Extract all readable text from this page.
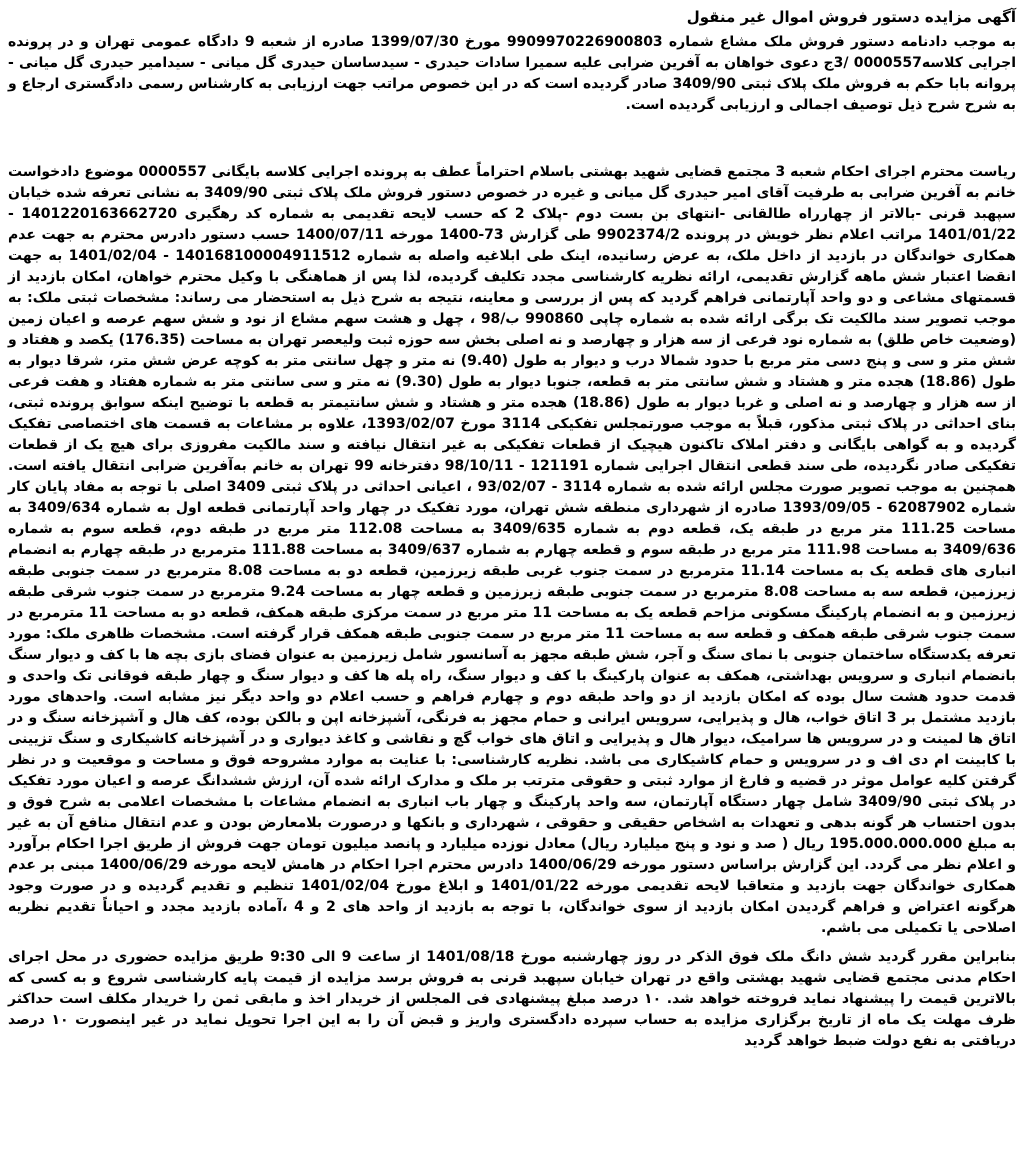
آگهی مزایده دستور فروش اموال غیر منقول

به موجب دادنامه دستور فروش ملک مشاع شماره 9909970226900803 مورخ 1399/07/30 صادره از شعبه 9 دادگاه عمومی تهران و در پرونده اجرایی کلاسه0000557 /3ج دعوی خواهان به آفرین ضرابی علیه سمیرا سادات حیدری - سیدساسان حیدری گل میانی - سیدامیر حیدری گل میانی - پروانه بابا حکم به فروش ملک پلاک ثبتی 3409/90 صادر گردیده است که در این خصوص مراتب جهت ارزیابی به کارشناس رسمی دادگستری ارجاع و به شرح شرح ذیل توصیف اجمالی و ارزیابی گردیده است.

ریاست محترم اجرای احکام شعبه 3 مجتمع قضایی شهید بهشتی باسلام احتراماً عطف به پرونده اجرایی کلاسه بایگانی 0000557 موضوع دادخواست خانم به آفرین ضرابی به طرفیت آقای امیر حیدری گل میانی و غیره در خصوص دستور فروش ملک پلاک ثبتی 3409/90 به نشانی تعرفه شده خیابان سپهبد قرنی -بالاتر از چهارراه طالقانی -انتهای بن بست دوم -پلاک 2 که حسب لایحه تقدیمی به شماره کد رهگیری 140122016366272‍0 - 1401/01/22 مراتب اعلام نظر خویش در پرونده 9902374/2 طی گزارش 73-1400 مورخه 1400/07/11 حسب دستور دادرس محترم به جهت عدم همکاری خواندگان در بازدید از داخل ملک، به عرض رسانیده، اینک طی ابلاغیه واصله به شماره 140168100004911512 - 1401/02/04 به جهت انقضا اعتبار شش ماهه گزارش تقدیمی، ارائه نظریه کارشناسی مجدد تکلیف گردیده، لذا پس از هماهنگی با وکیل محترم خواهان، امکان بازدید از قسمتهای مشاعی و دو واحد آپارتمانی فراهم گردید که پس از بررسی و معاینه، نتیجه به شرح ذیل به استحضار می رساند: مشخصات ثبتی ملک: به موجب تصویر سند مالکیت تک برگی ارائه شده به شماره چاپی 990860 ب/98 ، چهل و هشت سهم مشاع از نود و شش سهم عرصه و اعیان زمین (وضعیت خاص طلق) به شماره نود فرعی از سه هزار و چهارصد و نه اصلی بخش سه حوزه ثبت ولیعصر تهران به مساحت (176.35) یکصد و هفتاد و شش متر و سی و پنج دسی متر مربع با حدود شمالا درب و دیوار به طول (9.40) نه متر و چهل سانتی متر به کوچه عرض شش متر، شرقا دیوار به طول (18.86) هجده متر و هشتاد و شش سانتی متر به قطعه، جنوبا دیوار به طول (9.30) نه متر و سی سانتی متر به شماره هفتاد و هفت فرعی از سه هزار و چهارصد و نه اصلی و غربا دیوار به طول (18.86) هجده متر و هشتاد و شش سانتیمتر به قطعه با توضیح اینکه سوابق پرونده ثبتی، بنای احداثی در پلاک ثبتی مذکور، قبلاً به موجب صورتمجلس تفکیکی 3114 مورخ 1393/02/07، علاوه بر مشاعات به قسمت های اختصاصی تفکیک گردیده و به گواهی بایگانی و دفتر املاک تاکنون هیچیک از قطعات تفکیکی به غیر انتقال نیافته و سند مالکیت مفروزی برای هیچ یک از قطعات تفکیکی صادر نگردیده، طی سند قطعی انتقال اجرایی شماره 121191 - 98/10/11 دفترخانه 99 تهران به خانم به‌آفرین ضرابی انتقال یافته است. همچنین به موجب تصویر صورت مجلس ارائه شده به شماره 3114 - 93/02/07 ، اعیانی احداثی در پلاک ثبتی 3409 اصلی با توجه به مفاد پایان کار شماره 6208790‍2 - 1393/09/05 صادره از شهرداری منطقه شش تهران، مورد تفکیک در چهار واحد آپارتمانی قطعه اول به شماره 3409/634 به مساحت 111.25 متر مربع در طبقه یک، قطعه دوم به شماره 3409/635 به مساحت 112.08 متر مربع در طبقه دوم، قطعه سوم به شماره 3409/636 به مساحت 111.98 متر مربع در طبقه سوم و قطعه چهارم به شماره 3409/637 به مساحت 111.88 مترمربع در طبقه چهارم به انضمام انباری های قطعه یک به مساحت 11.14 مترمربع در سمت جنوب غربی طبقه زیرزمین، قطعه دو به مساحت 8.08 مترمربع در سمت جنوبی طبقه زیرزمین، قطعه سه به مساحت 8.08 مترمربع در سمت جنوبی طبقه زیرزمین و قطعه چهار به مساحت 9.24 مترمربع در سمت جنوب شرقی طبقه زیرزمین و به انضمام پارکینگ مسکونی مزاحم قطعه یک به مساحت 11 متر مربع در سمت مرکزی طبقه همکف، قطعه دو به مساحت 11 مترمربع در سمت جنوب شرقی طبقه همکف و قطعه سه به مساحت 11 متر مربع در سمت جنوبی طبقه همکف قرار گرفته است. مشخصات ظاهری ملک: مورد تعرفه یکدستگاه ساختمان جنوبی با نمای سنگ و آجر، شش طبقه مجهز به آسانسور شامل زیرزمین به عنوان فضای بازی بچه ها با کف و دیوار سنگ بانضمام انباری و سرویس بهداشتی، همکف به عنوان پارکینگ با کف و دیوار سنگ، راه پله ها کف و دیوار سنگ و چهار طبقه فوقانی تک واحدی و قدمت حدود هشت سال بوده که امکان بازدید از دو واحد طبقه دوم و چهارم فراهم و حسب اعلام دو واحد دیگر نیز مشابه است. واحدهای مورد بازدید مشتمل بر 3 اتاق خواب، هال و پذیرایی، سرویس ایرانی و حمام مجهز به فرنگی، آشپزخانه اپن و بالکن بوده، کف هال و آشپزخانه سنگ و در اتاق ها لمینت و در سرویس ها سرامیک، دیوار هال و پذیرایی و اتاق های خواب گچ و نقاشی و کاغذ دیواری و در آشپزخانه کاشیکاری و سنگ تزیینی با کابینت ام دی اف و در سرویس و حمام کاشیکاری می باشد. نظریه کارشناسی: با عنایت به موارد مشروحه فوق و مساحت و موقعیت و در نظر گرفتن کلیه عوامل موثر در قضیه و فارغ از موارد ثبتی و حقوقی مترتب بر ملک و مدارک ارائه شده آن، ارزش ششدانگ عرصه و اعیان مورد تفکیک در پلاک ثبتی 3409/90 شامل چهار دستگاه آپارتمان، سه واحد پارکینگ و چهار باب انباری به انضمام مشاعات با مشخصات اعلامی به شرح فوق و بدون احتساب هر گونه بدهی و تعهدات به اشخاص حقیقی و حقوقی ، شهرداری و بانکها و درصورت بلامعارض بودن و عدم انتقال منافع آن به غیر به مبلغ 195.000.000.000 ریال ( صد و نود و پنج میلیارد ریال) معادل نوزده میلیارد و پانصد میلیون تومان جهت فروش از طریق اجرا احکام برآورد و اعلام نظر می گردد. این گزارش براساس دستور مورخه 1400/06/29 دادرس محترم اجرا احکام در هامش لایحه مورخه 1400/06/29 مبنی بر عدم همکاری خواندگان جهت بازدید و متعاقبا لایحه تقدیمی مورخه 1401/01/22 و ابلاغ مورخ 1401/02/04 تنظیم و تقدیم گردیده و در صورت وجود هرگونه اعتراض و فراهم گردیدن امکان بازدید از سوی خواندگان، با توجه به بازدید از واحد های 2 و 4 ،آماده بازدید مجدد و احیاناً تقدیم نظریه اصلاحی یا تکمیلی می باشم.

بنابراین مقرر گردید شش دانگ ملک فوق الذکر در روز چهارشنبه مورخ 1401/08/18 از ساعت 9 الی 9:30 طریق مزایده حضوری در محل اجرای احکام مدنی مجتمع قضایی شهید بهشتی واقع در تهران خیابان سپهبد قرنی به فروش برسد مزایده از قیمت پایه کارشناسی شروع و به کسی که بالاترین قیمت را پیشنهاد نماید فروخته خواهد شد. ۱۰ درصد مبلغ پیشنهادی فی المجلس از خریدار اخذ و مابقی ثمن را خریدار مکلف است حداکثر ظرف مهلت یک ماه از تاریخ برگزاری مزایده به حساب سپرده دادگستری واریز و قبض آن را به این اجرا تحویل نماید در غیر اینصورت ۱۰ درصد دریافتی به نفع دولت ضبط خواهد گردید
